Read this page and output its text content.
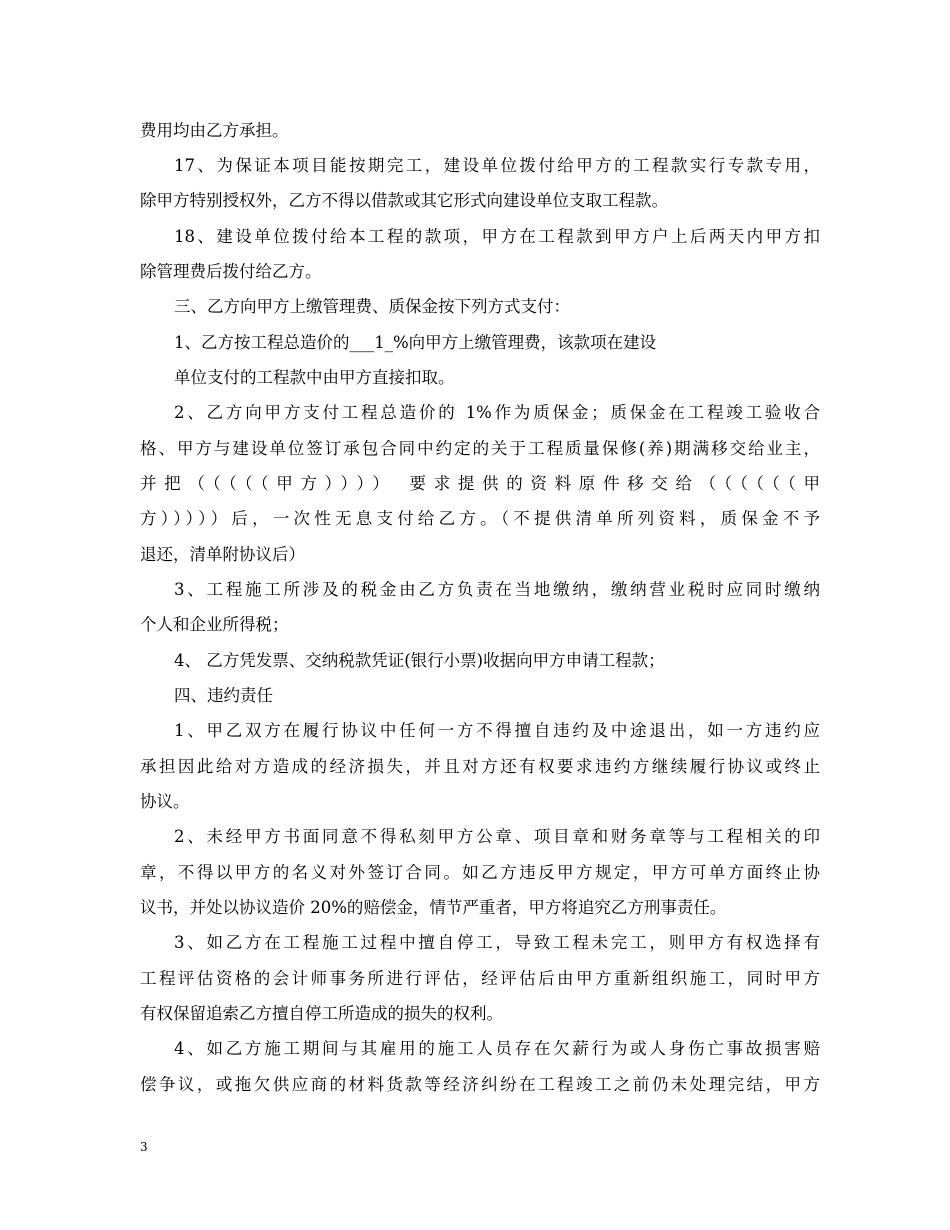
费用均由乙方承担。
17、为保证本项目能按期完工，建设单位拨付给甲方的工程款实行专款专用，
除甲方特别授权外，乙方不得以借款或其它形式向建设单位支取工程款。
18、建设单位拨付给本工程的款项，甲方在工程款到甲方户上后两天内甲方扣
除管理费后拨付给乙方。
三、乙方向甲方上缴管理费、质保金按下列方式支付：
1、乙方按工程总造价的___1_%向甲方上缴管理费，该款项在建设
单位支付的工程款中由甲方直接扣取。
2、乙方向甲方支付工程总造价的 1%作为质保金；质保金在工程竣工验收合
格、甲方与建设单位签订承包合同中约定的关于工程质量保修(养)期满移交给业主，
并把（（（（（甲方）））） 要求提供的资料原件移交给（（（（（（甲
方）））））后，一次性无息支付给乙方。（不提供清单所列资料，质保金不予
退还，清单附协议后）
3、工程施工所涉及的税金由乙方负责在当地缴纳，缴纳营业税时应同时缴纳
个人和企业所得税；
4、 乙方凭发票、交纳税款凭证(银行小票)收据向甲方申请工程款；
四、违约责任
1、甲乙双方在履行协议中任何一方不得擅自违约及中途退出，如一方违约应
承担因此给对方造成的经济损失，并且对方还有权要求违约方继续履行协议或终止
协议。
2、未经甲方书面同意不得私刻甲方公章、项目章和财务章等与工程相关的印
章，不得以甲方的名义对外签订合同。如乙方违反甲方规定，甲方可单方面终止协
议书，并处以协议造价 20%的赔偿金，情节严重者，甲方将追究乙方刑事责任。
3、如乙方在工程施工过程中擅自停工，导致工程未完工，则甲方有权选择有
工程评估资格的会计师事务所进行评估，经评估后由甲方重新组织施工，同时甲方
有权保留追索乙方擅自停工所造成的损失的权利。
4、如乙方施工期间与其雇用的施工人员存在欠薪行为或人身伤亡事故损害赔
偿争议，或拖欠供应商的材料货款等经济纠纷在工程竣工之前仍未处理完结，甲方
3
